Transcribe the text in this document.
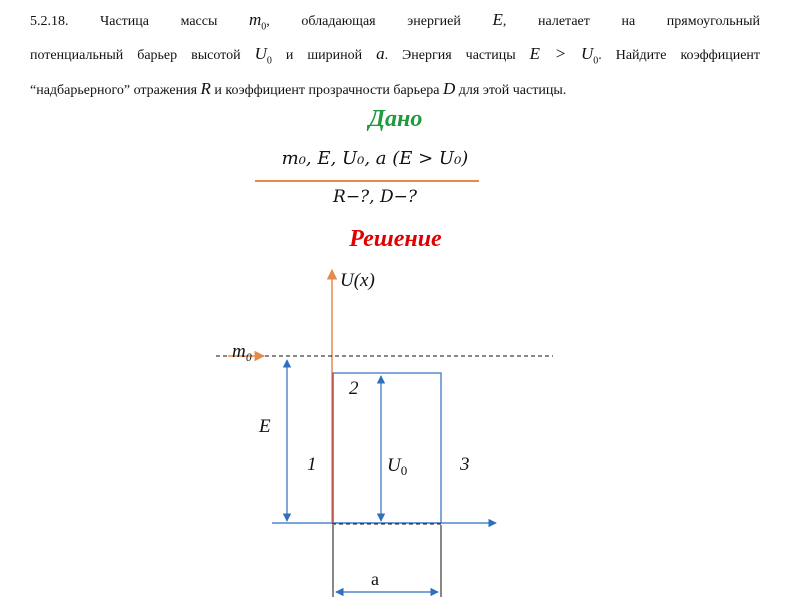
5.2.18. Частица массы $m_0$, обладающая энергией E, налетает на прямоугольный

потенциальный барьер высотой $U_0$ и шириной a. Энергия частицы $E > U_0$. Найдите коэффициент

“надбарьерного” отражения R и коэффициент прозрачности барьера D для этой частицы.

Дано
m₀, E, U₀, a (E > U₀)
R−?, D−?
Решение
U(x)
m₀
E
$U_0$
1
2
3
a
